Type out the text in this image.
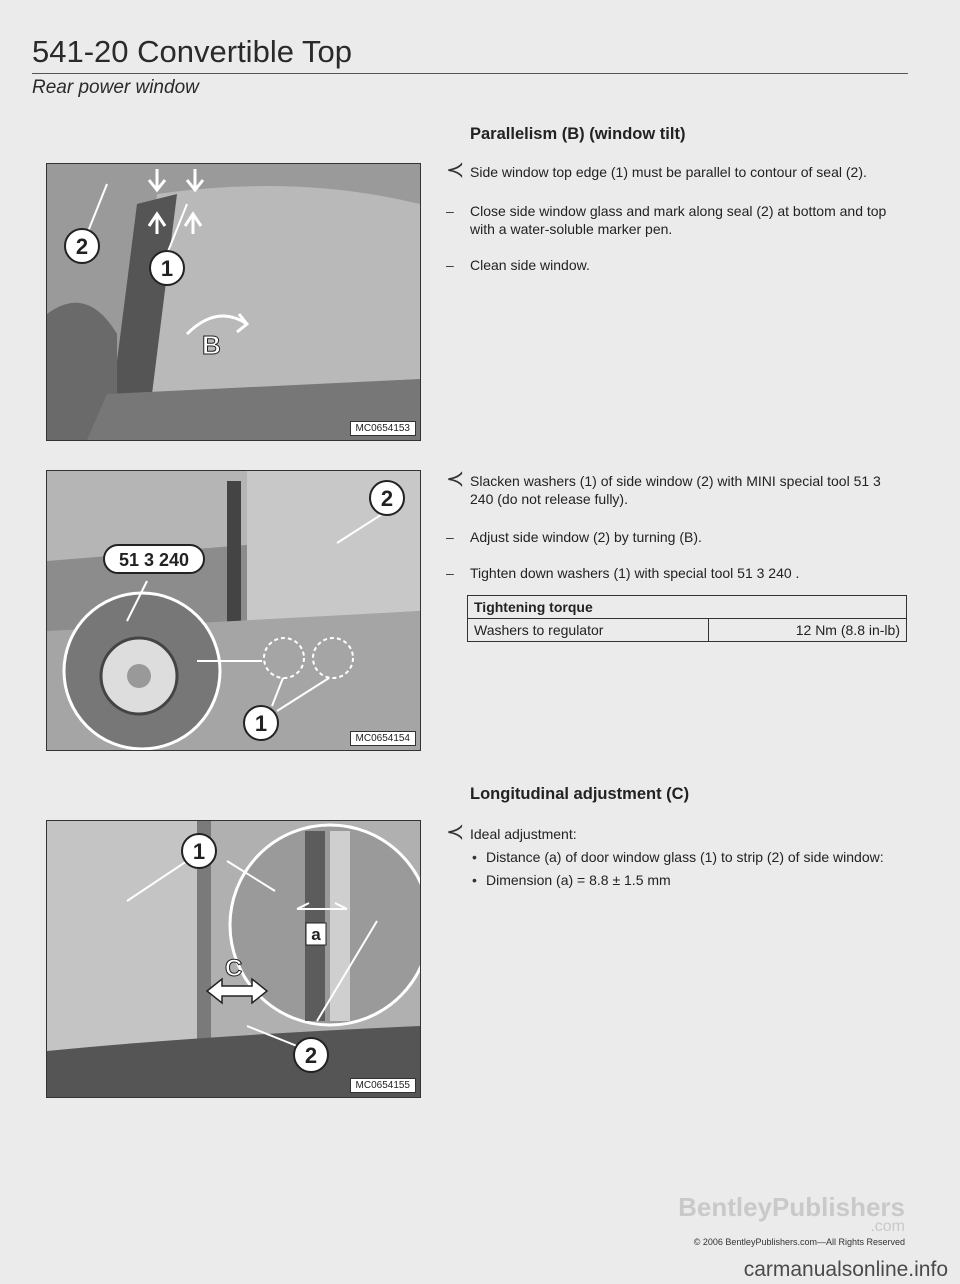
541-20 Convertible Top
Rear power window
2
1
B
MC0654153
2
51 3 240
1
MC0654154
C
a
1
2
MC0654155
Parallelism (B) (window tilt)
≺ Side window top edge (1) must be parallel to contour of seal (2).
– Close side window glass and mark along seal (2) at bottom and top with a water-soluble marker pen.
– Clean side window.
≺ Slacken washers (1) of side window (2) with MINI special tool 51 3 240 (do not release fully).
– Adjust side window (2) by turning (B).
– Tighten down washers (1) with special tool 51 3 240 .
Tightening torque
Washers to regulator	12 Nm (8.8 in-lb)
Longitudinal adjustment (C)
≺ Ideal adjustment:
• Distance (a) of door window glass (1) to strip (2) of side window:
• Dimension (a) = 8.8 ± 1.5 mm
BentleyPublishers
.com
© 2006 BentleyPublishers.com—All Rights Reserved
carmanualsonline.info
